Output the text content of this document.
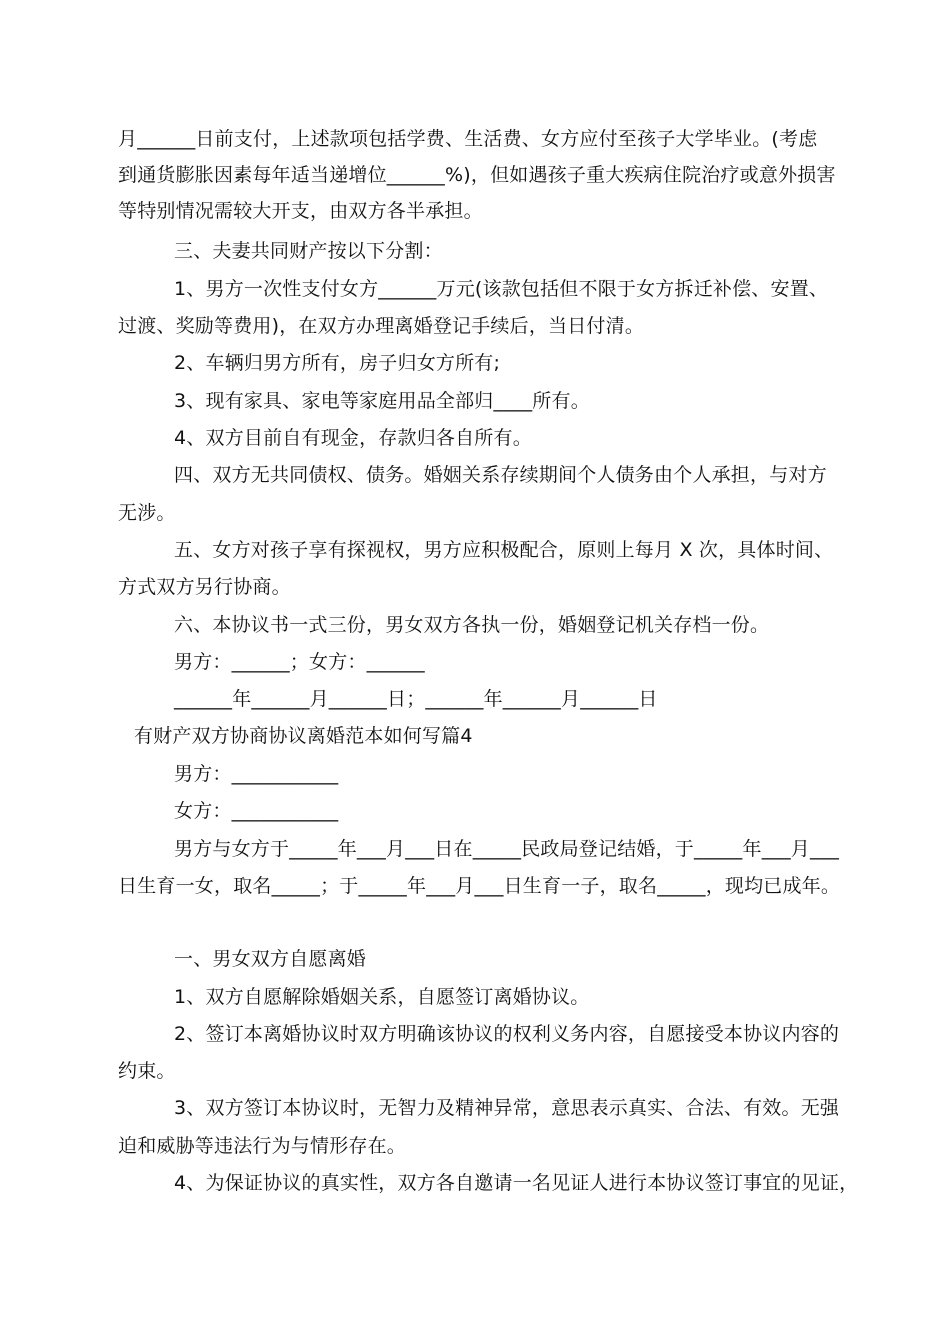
月______日前支付，上述款项包括学费、生活费、女方应付至孩子大学毕业。(考虑
到通货膨胀因素每年适当递增位______%)，但如遇孩子重大疾病住院治疗或意外损害
等特别情况需较大开支，由双方各半承担。
三、夫妻共同财产按以下分割：
1、男方一次性支付女方______万元(该款包括但不限于女方拆迁补偿、安置、
过渡、奖励等费用)，在双方办理离婚登记手续后，当日付清。
2、车辆归男方所有，房子归女方所有;
3、现有家具、家电等家庭用品全部归____所有。
4、双方目前自有现金，存款归各自所有。
四、双方无共同债权、债务。婚姻关系存续期间个人债务由个人承担，与对方
无涉。
五、女方对孩子享有探视权，男方应积极配合，原则上每月 X 次，具体时间、
方式双方另行协商。
六、本协议书一式三份，男女双方各执一份，婚姻登记机关存档一份。
男方：______；女方：______
______年______月______日；______年______月______日
有财产双方协商协议离婚范本如何写篇4
男方：___________
女方：___________
男方与女方于_____年___月___日在_____民政局登记结婚，于_____年___月___
日生育一女，取名_____；于_____年___月___日生育一子，取名_____，现均已成年。
一、男女双方自愿离婚
1、双方自愿解除婚姻关系，自愿签订离婚协议。
2、签订本离婚协议时双方明确该协议的权利义务内容，自愿接受本协议内容的
约束。
3、双方签订本协议时，无智力及精神异常，意思表示真实、合法、有效。无强
迫和威胁等违法行为与情形存在。
4、为保证协议的真实性，双方各自邀请一名见证人进行本协议签订事宜的见证，
